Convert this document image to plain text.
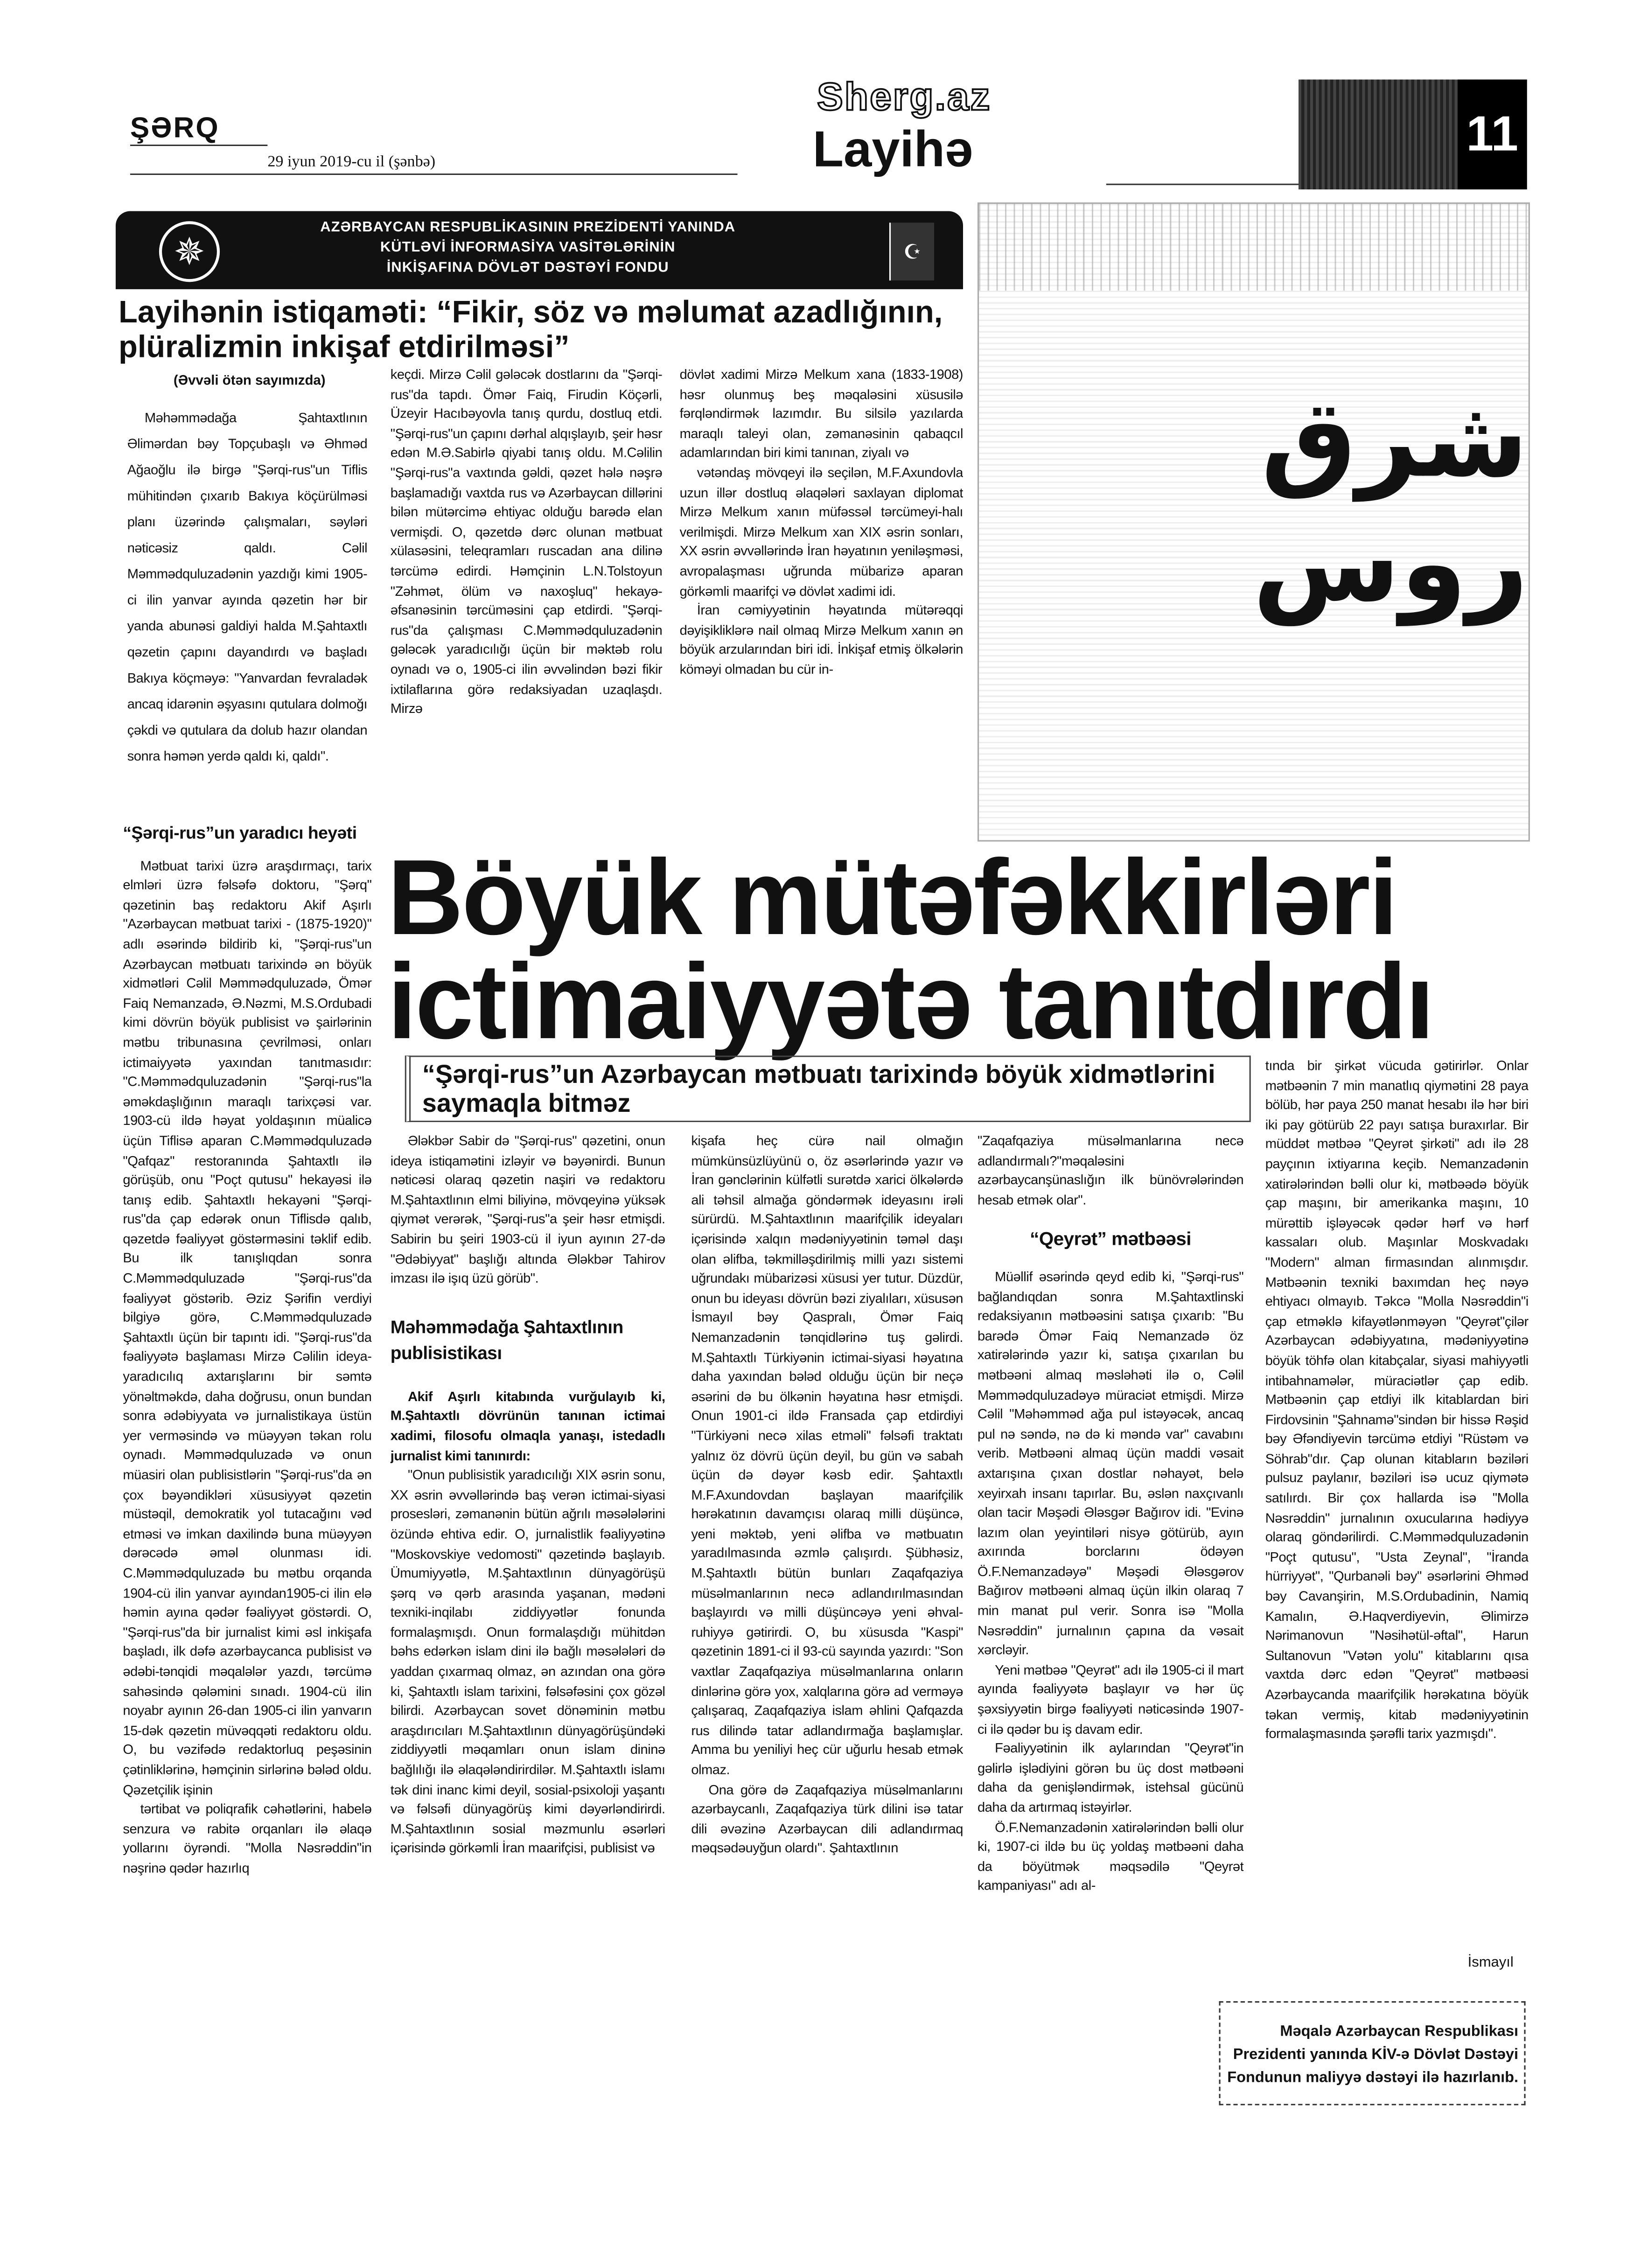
ŞƏRQ
29 iyun 2019-cu il (şənbə)
Sherg.az
Layihə	11
✵
AZƏRBAYCAN RESPUBLİKASININ PREZİDENTİ YANINDA
KÜTLƏVİ İNFORMASİYA VASİTƏLƏRİNİN
İNKİŞAFINA DÖVLƏT DƏSTƏYİ FONDU
☪
Layihənin istiqaməti: “Fikir, söz və məlumat azadlığının, plüralizmin inkişaf etdirilməsi”
شرق روس
(Əvvəli ötən sayımızda)

Məhəmmədağa Şahtaxtlının Əlimərdan bəy Topçubaşlı və Əhməd Ağaoğlu ilə birgə "Şərqi-rus"un Tiflis mühitindən çıxarıb Bakıya köçürülməsi planı üzərində çalışmaları, səyləri nəticəsiz qaldı. Cəlil Məmmədquluzadənin yazdığı kimi 1905-ci ilin yanvar ayında qəzetin hər bir yanda abunəsi galdiyi halda M.Şahtaxtlı qəzetin çapını dayandırdı və başladı Bakıya köçməyə: "Yanvardan fevraladək ancaq idarənin əşyasını qutulara dolmoğı çəkdi və qutulara da dolub hazır olandan sonra həmən yerdə qaldı ki, qaldı".

“Şərqi-rus”un yaradıcı heyəti

Mətbuat tarixi üzrə araşdırmaçı, tarix elmləri üzrə fəlsəfə doktoru, "Şərq" qəzetinin baş redaktoru Akif Aşırlı "Azərbaycan mətbuat tarixi - (1875-1920)" adlı əsərində bildirib ki, "Şərqi-rus"un Azərbaycan mətbuatı tarixində ən böyük xidmətləri Cəlil Məmmədquluzadə, Ömər Faiq Nemanzadə, Ə.Nəzmi, M.S.Ordubadi kimi dövrün böyük publisist və şairlərinin mətbu tribunasına çevrilməsi, onları ictimaiyyətə yaxından tanıtmasıdır: "C.Məmmədquluzadənin "Şərqi-rus"la əməkdaşlığının maraqlı tarixçəsi var. 1903-cü ildə həyat yoldaşının müalicə üçün Tiflisə aparan C.Məmmədquluzadə "Qafqaz" restoranında Şahtaxtlı ilə görüşüb, onu "Poçt qutusu" hekayəsi ilə tanış edib. Şahtaxtlı hekayəni "Şərqi-rus"da çap edərək onun Tiflisdə qalıb, qəzetdə fəaliyyət göstərməsini təklif edib. Bu ilk tanışlıqdan sonra C.Məmmədquluzadə "Şərqi-rus"da fəaliyyət göstərib. Əziz Şərifin verdiyi bilgiyə görə, C.Məmmədquluzadə Şahtaxtlı üçün bir tapıntı idi. "Şərqi-rus"da fəaliyyətə başlaması Mirzə Cəlilin ideya-yaradıcılıq axtarışlarını bir səmtə yönəltməkdə, daha doğrusu, onun bundan sonra ədəbiyyata və jurnalistikaya üstün yer verməsində və müəyyən təkan rolu oynadı. Məmmədquluzadə və onun müasiri olan publisistlərin "Şərqi-rus"da ən çox bəyəndikləri xüsusiyyət qəzetin müstəqil, demokratik yol tutacağını vəd etməsi və imkan daxilində buna müəyyən dərəcədə əməl olunması idi. C.Məmmədquluzadə bu mətbu orqanda 1904-cü ilin yanvar ayından1905-ci ilin elə həmin ayına qədər fəaliyyət göstərdi. O, "Şərqi-rus"da bir jurnalist kimi əsl inkişafa başladı, ilk dəfə azərbaycanca publisist və ədəbi-tənqidi məqalələr yazdı, tərcümə sahəsində qələmini sınadı. 1904-cü ilin noyabr ayının 26-dan 1905-ci ilin yanvarın 15-dək qəzetin müvəqqəti redaktoru oldu. O, bu vəzifədə redaktorluq peşəsinin çətinliklərinə, həmçinin sirlərinə bələd oldu. Qəzetçilik işinin

tərtibat və poliqrafik cəhətlərini, habelə senzura və rabitə orqanları ilə əlaqə yollarını öyrəndi. "Molla Nəsrəddin"in nəşrinə qədər hazırlıq

keçdi. Mirzə Cəlil gələcək dostlarını da "Şərqi-rus"da tapdı. Ömər Faiq, Firudin Köçərli, Üzeyir Hacıbəyovla tanış qurdu, dostluq etdi. "Şərqi-rus"un çapını dərhal alqışlayıb, şeir həsr edən M.Ə.Sabirlə qiyabi tanış oldu. M.Cəlilin "Şərqi-rus"a vaxtında gəldi, qəzet hələ nəşrə başlamadığı vaxtda rus və Azərbaycan dillərini bilən mütərcimə ehtiyac olduğu barədə elan vermişdi. O, qəzetdə dərc olunan mətbuat xülasəsini, teleqramları ruscadan ana dilinə tərcümə edirdi. Həmçinin L.N.Tolstoyun "Zəhmət, ölüm və naxoşluq" hekayə-əfsanəsinin tərcüməsini çap etdirdi. "Şərqi-rus"da çalışması C.Məmmədquluzadənin gələcək yaradıcılığı üçün bir məktəb rolu oynadı və o, 1905-ci ilin əvvəlindən bəzi fikir ixtilaflarına görə redaksiyadan uzaqlaşdı. Mirzə

dövlət xadimi Mirzə Melkum xana (1833-1908) həsr olunmuş beş məqaləsini xüsusilə fərqləndirmək lazımdır. Bu silsilə yazılarda maraqlı taleyi olan, zəmanəsinin qabaqcıl adamlarından biri kimi tanınan, ziyalı və

vətəndaş mövqeyi ilə seçilən, M.F.Axundovla uzun illər dostluq əlaqələri saxlayan diplomat Mirzə Melkum xanın müfəssəl tərcümeyi-halı verilmişdi. Mirzə Melkum xan XIX əsrin sonları, XX əsrin əvvəllərində İran həyatının yeniləşməsi, avropalaşması uğrunda mübarizə aparan görkəmli maarifçi və dövlət xadimi idi.

İran cəmiyyətinin həyatında mütərəqqi dəyişikliklərə nail olmaq Mirzə Melkum xanın ən böyük arzularından biri idi. İnkişaf etmiş ölkələrin köməyi olmadan bu cür in-

Böyük mütəfəkkirləri
ictimaiyyətə tanıtdırdı
“Şərqi-rus”un Azərbaycan mətbuatı tarixində böyük xidmətlərini saymaqla bitməz

Ələkbər Sabir də "Şərqi-rus" qəzetini, onun ideya istiqamətini izləyir və bəyənirdi. Bunun nəticəsi olaraq qəzetin naşiri və redaktoru M.Şahtaxtlının elmi biliyinə, mövqeyinə yüksək qiymət verərək, "Şərqi-rus"a şeir həsr etmişdi. Sabirin bu şeiri 1903-cü il iyun ayının 27-də "Ədəbiyyat" başlığı altında Ələkbər Tahirov imzası ilə işıq üzü görüb".

Məhəmmədağa Şahtaxtlının publisistikası

Akif Aşırlı kitabında vurğulayıb ki, M.Şahtaxtlı dövrünün tanınan ictimai xadimi, filosofu olmaqla yanaşı, istedadlı jurnalist kimi tanınırdı:

"Onun publisistik yaradıcılığı XIX əsrin sonu, XX əsrin əvvəllərində baş verən ictimai-siyasi prosesləri, zəmanənin bütün ağrılı məsələlərini özündə ehtiva edir. O, jurnalistlik fəaliyyətinə "Moskovskiye vedomosti" qəzetində başlayıb. Ümumiyyətlə, M.Şahtaxtlının dünyagörüşü şərq və qərb arasında yaşanan, mədəni texniki-inqilabı ziddiyyətlər fonunda formalaşmışdı. Onun formalaşdığı mühitdən bəhs edərkən islam dini ilə bağlı məsələləri də yaddan çıxarmaq olmaz, ən azından ona görə ki, Şahtaxtlı islam tarixini, fəlsəfəsini çox gözəl bilirdi. Azərbaycan sovet dönəminin mətbu araşdırıcıları M.Şahtaxtlının dünyagörüşündəki ziddiyyətli məqamları onun islam dininə bağlılığı ilə əlaqələndirirdilər. M.Şahtaxtlı islamı tək dini inanc kimi deyil, sosial-psixoloji yaşantı və fəlsəfi dünyagörüş kimi dəyərləndirirdi. M.Şahtaxtlının sosial məzmunlu əsərləri içərisində görkəmli İran maarifçisi, publisist və

kişafa heç cürə nail olmağın mümkünsüzlüyünü o, öz əsərlərində yazır və İran gənclərinin külfətli surətdə xarici ölkələrdə ali təhsil almağa göndərmək ideyasını irəli sürürdü. M.Şahtaxtlının maarifçilik ideyaları içərisində xalqın mədəniyyətinin təməl daşı olan əlifba, təkmilləşdirilmiş milli yazı sistemi uğrundakı mübarizəsi xüsusi yer tutur. Düzdür, onun bu ideyası dövrün bəzi ziyalıları, xüsusən İsmayıl bəy Qaspralı, Ömər Faiq Nemanzadənin tənqidlərinə tuş gəlirdi. M.Şahtaxtlı Türkiyənin ictimai-siyasi həyatına daha yaxından bələd olduğu üçün bir neçə əsərini də bu ölkənin həyatına həsr etmişdi. Onun 1901-ci ildə Fransada çap etdirdiyi "Türkiyəni necə xilas etməli" fəlsəfi traktatı yalnız öz dövrü üçün deyil, bu gün və sabah üçün də dəyər kəsb edir. Şahtaxtlı M.F.Axundovdan başlayan maarifçilik hərəkatının davamçısı olaraq milli düşüncə, yeni məktəb, yeni əlifba və mətbuatın yaradılmasında əzmlə çalışırdı. Şübhəsiz, M.Şahtaxtlı bütün bunları Zaqafqaziya müsəlmanlarının necə adlandırılmasından başlayırdı və milli düşüncəyə yeni əhval-ruhiyyə gətirirdi. O, bu xüsusda "Kaspi" qəzetinin 1891-ci il 93-cü sayında yazırdı: "Son vaxtlar Zaqafqaziya müsəlmanlarına onların dinlərinə görə yox, xalqlarına görə ad verməyə çalışaraq, Zaqafqaziya islam əhlini Qafqazda rus dilində tatar adlandırmağa başlamışlar. Amma bu yeniliyi heç cür uğurlu hesab etmək olmaz.

Ona görə də Zaqafqaziya müsəlmanlarını azərbaycanlı, Zaqafqaziya türk dilini isə tatar dili əvəzinə Azərbaycan dili adlandırmaq məqsədəuyğun olardı". Şahtaxtlının

"Zaqafqaziya müsəlmanlarına necə adlandırmalı?"məqaləsini azərbaycanşünaslığın ilk bünövrələrindən hesab etmək olar".

“Qeyrət” mətbəəsi

Müəllif əsərində qeyd edib ki, "Şərqi-rus" bağlandıqdan sonra M.Şahtaxtlinski redaksiyanın mətbəəsini satışa çıxarıb: "Bu barədə Ömər Faiq Nemanzadə öz xatirələrində yazır ki, satışa çıxarılan bu mətbəəni almaq məsləhəti ilə o, Cəlil Məmmədquluzadəyə müraciət etmişdi. Mirzə Cəlil "Məhəmməd ağa pul istəyəcək, ancaq pul nə səndə, nə də ki məndə var" cavabını verib. Mətbəəni almaq üçün maddi vəsait axtarışına çıxan dostlar nəhayət, belə xeyirxah insanı tapırlar. Bu, əslən naxçıvanlı olan tacir Məşədi Ələsgər Bağırov idi. "Evinə lazım olan yeyintiləri nisyə götürüb, ayın axırında borclarını ödəyən Ö.F.Nemanzadəyə" Məşədi Ələsgərov Bağırov mətbəəni almaq üçün ilkin olaraq 7 min manat pul verir. Sonra isə "Molla Nəsrəddin" jurnalının çapına da vəsait xərcləyir.

Yeni mətbəə "Qeyrət" adı ilə 1905-ci il mart ayında fəaliyyətə başlayır və hər üç şəxsiyyətin birgə fəaliyyəti nəticəsində 1907-ci ilə qədər bu iş davam edir.

Fəaliyyətinin ilk aylarından "Qeyrət"in gəlirlə işlədiyini görən bu üç dost mətbəəni daha da genişləndirmək, istehsal gücünü daha da artırmaq istəyirlər.

Ö.F.Nemanzadənin xatirələrindən bəlli olur ki, 1907-ci ildə bu üç yoldaş mətbəəni daha da böyütmək məqsədilə "Qeyrət kampaniyası" adı al-

tında bir şirkət vücuda gətirirlər. Onlar mətbəənin 7 min manatlıq qiymətini 28 paya bölüb, hər paya 250 manat hesabı ilə hər biri iki pay götürüb 22 payı satışa buraxırlar. Bir müddət mətbəə "Qeyrət şirkəti" adı ilə 28 payçının ixtiyarına keçib. Nemanzadənin xatirələrindən bəlli olur ki, mətbəədə böyük çap maşını, bir amerikanka maşını, 10 mürəttib işləyəcək qədər hərf və hərf kassaları olub. Maşınlar Moskvadakı "Modern" alman firmasından alınmışdır. Mətbəənin texniki baxımdan heç nəyə ehtiyacı olmayıb. Təkcə "Molla Nəsrəddin"i çap etməklə kifayətlənməyən "Qeyrət"çilər Azərbaycan ədəbiyyatına, mədəniyyətinə böyük töhfə olan kitabçalar, siyasi mahiyyətli intibahnamələr, müraciətlər çap edib. Mətbəənin çap etdiyi ilk kitablardan biri Firdovsinin "Şahnamə"sindən bir hissə Rəşid bəy Əfəndiyevin tərcümə etdiyi "Rüstəm və Söhrab"dır. Çap olunan kitabların bəziləri pulsuz paylanır, bəziləri isə ucuz qiymətə satılırdı. Bir çox hallarda isə "Molla Nəsrəddin" jurnalının oxucularına hədiyyə olaraq göndərilirdi. C.Məmmədquluzadənin "Poçt qutusu", "Usta Zeynal", "İranda hürriyyət", "Qurbanəli bəy" əsərlərini Əhməd bəy Cavanşirin, M.S.Ordubadinin, Namiq Kamalın, Ə.Haqverdiyevin, Əlimirzə Nərimanovun "Nəsihətül-əftal", Harun Sultanovun "Vətən yolu" kitablarını qısa vaxtda dərc edən "Qeyrət" mətbəəsi Azərbaycanda maarifçilik hərəkatına böyük təkan vermiş, kitab mədəniyyətinin formalaşmasında şərəfli tarix yazmışdı".

İsmayıl
Məqalə Azərbaycan Respublikası
Prezidenti yanında KİV-ə Dövlət Dəstəyi
Fondunun maliyyə dəstəyi ilə hazırlanıb.
